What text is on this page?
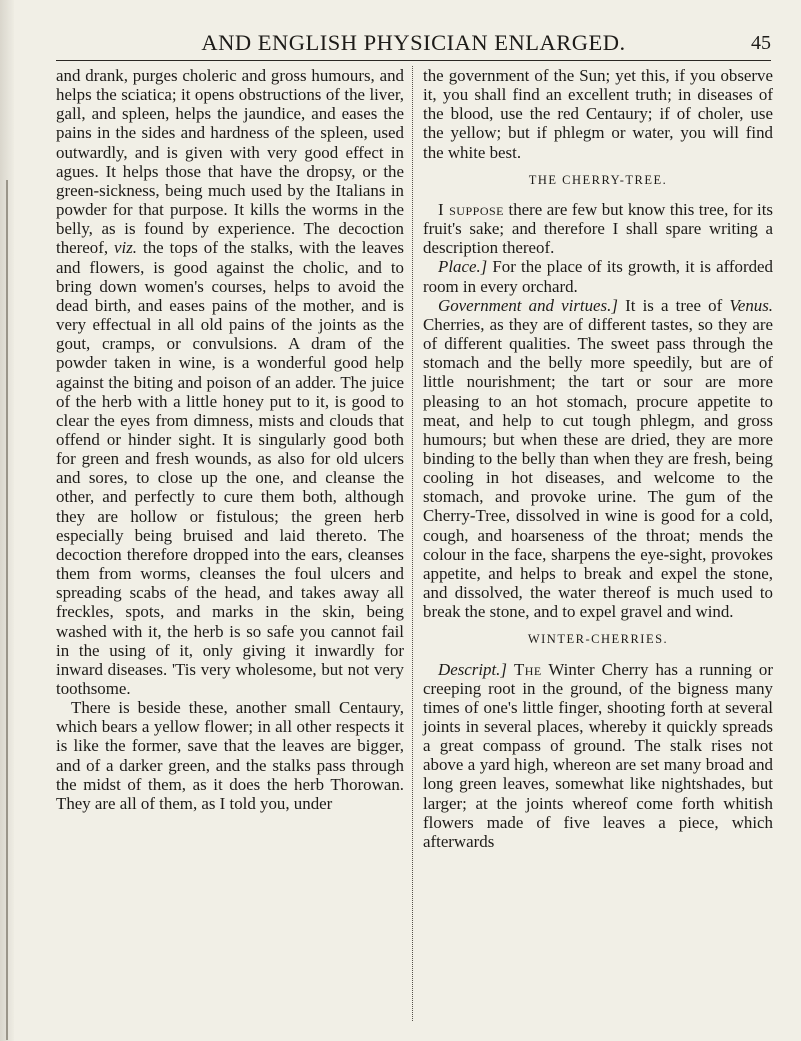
AND ENGLISH PHYSICIAN ENLARGED.	45

and drank, purges choleric and gross humours, and helps the sciatica; it opens obstructions of the liver, gall, and spleen, helps the jaundice, and eases the pains in the sides and hardness of the spleen, used outwardly, and is given with very good effect in agues. It helps those that have the dropsy, or the green-sickness, being much used by the Italians in powder for that purpose. It kills the worms in the belly, as is found by experience. The decoction thereof, viz. the tops of the stalks, with the leaves and flowers, is good against the cholic, and to bring down women's courses, helps to avoid the dead birth, and eases pains of the mother, and is very effectual in all old pains of the joints as the gout, cramps, or convulsions. A dram of the powder taken in wine, is a wonderful good help against the biting and poison of an adder. The juice of the herb with a little honey put to it, is good to clear the eyes from dimness, mists and clouds that offend or hinder sight. It is singularly good both for green and fresh wounds, as also for old ulcers and sores, to close up the one, and cleanse the other, and perfectly to cure them both, although they are hollow or fistulous; the green herb especially being bruised and laid thereto. The decoction therefore dropped into the ears, cleanses them from worms, cleanses the foul ulcers and spreading scabs of the head, and takes away all freckles, spots, and marks in the skin, being washed with it, the herb is so safe you cannot fail in the using of it, only giving it inwardly for inward diseases. 'Tis very wholesome, but not very toothsome.

There is beside these, another small Centaury, which bears a yellow flower; in all other respects it is like the former, save that the leaves are bigger, and of a darker green, and the stalks pass through the midst of them, as it does the herb Thorowan. They are all of them, as I told you, under

the government of the Sun; yet this, if you observe it, you shall find an excellent truth; in diseases of the blood, use the red Centaury; if of choler, use the yellow; but if phlegm or water, you will find the white best.

THE CHERRY-TREE.

I suppose there are few but know this tree, for its fruit's sake; and therefore I shall spare writing a description thereof.

Place.] For the place of its growth, it is afforded room in every orchard.

Government and virtues.] It is a tree of Venus. Cherries, as they are of different tastes, so they are of different qualities. The sweet pass through the stomach and the belly more speedily, but are of little nourishment; the tart or sour are more pleasing to an hot stomach, procure appetite to meat, and help to cut tough phlegm, and gross humours; but when these are dried, they are more binding to the belly than when they are fresh, being cooling in hot diseases, and welcome to the stomach, and provoke urine. The gum of the Cherry-Tree, dissolved in wine is good for a cold, cough, and hoarseness of the throat; mends the colour in the face, sharpens the eye-sight, provokes appetite, and helps to break and expel the stone, and dissolved, the water thereof is much used to break the stone, and to expel gravel and wind.

WINTER-CHERRIES.

Descript.] The Winter Cherry has a running or creeping root in the ground, of the bigness many times of one's little finger, shooting forth at several joints in several places, whereby it quickly spreads a great compass of ground. The stalk rises not above a yard high, whereon are set many broad and long green leaves, somewhat like nightshades, but larger; at the joints whereof come forth whitish flowers made of five leaves a piece, which afterwards
